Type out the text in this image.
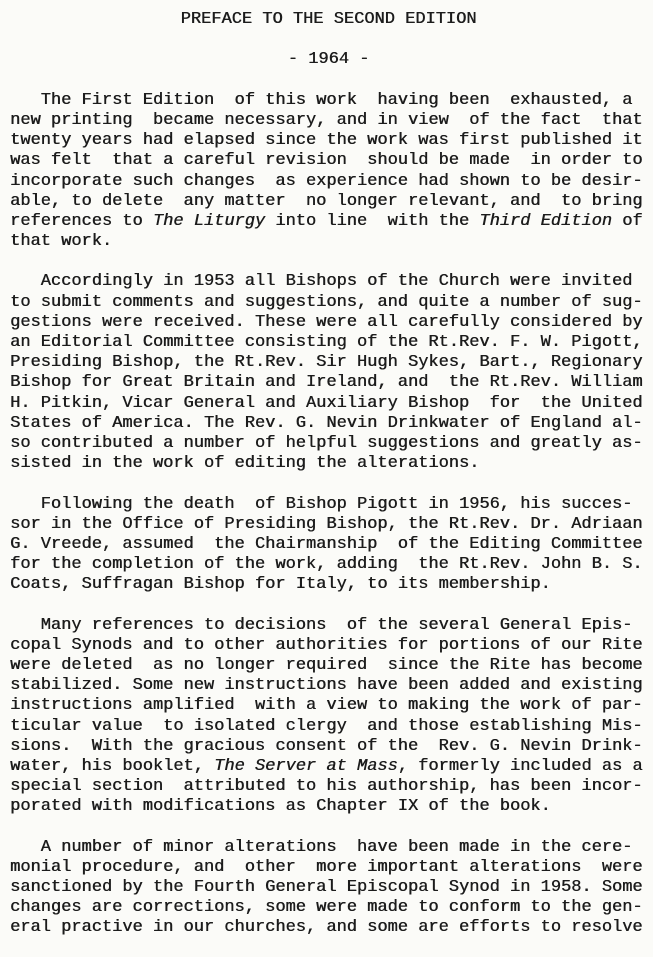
PREFACE TO THE SECOND EDITION
- 1964 -
The First Edition  of this work  having been  exhausted, a
new printing  became necessary, and in view  of the fact  that
twenty years had elapsed since the work was first published it
was felt  that a careful revision  should be made  in order to
incorporate such changes  as experience had shown to be desir-
able, to delete  any matter  no longer relevant, and  to bring
references to The Liturgy into line  with the Third Edition of
that work.
Accordingly in 1953 all Bishops of the Church were invited
to submit comments and suggestions, and quite a number of sug-
gestions were received. These were all carefully considered by
an Editorial Committee consisting of the Rt.Rev. F. W. Pigott,
Presiding Bishop, the Rt.Rev. Sir Hugh Sykes, Bart., Regionary
Bishop for Great Britain and Ireland, and  the Rt.Rev. William
H. Pitkin, Vicar General and Auxiliary Bishop  for  the United
States of America. The Rev. G. Nevin Drinkwater of England al-
so contributed a number of helpful suggestions and greatly as-
sisted in the work of editing the alterations.
Following the death  of Bishop Pigott in 1956, his succes-
sor in the Office of Presiding Bishop, the Rt.Rev. Dr. Adriaan
G. Vreede, assumed  the Chairmanship  of the Editing Committee
for the completion of the work, adding  the Rt.Rev. John B. S.
Coats, Suffragan Bishop for Italy, to its membership.
Many references to decisions  of the several General Epis-
copal Synods and to other authorities for portions of our Rite
were deleted  as no longer required  since the Rite has become
stabilized. Some new instructions have been added and existing
instructions amplified  with a view to making the work of par-
ticular value  to isolated clergy  and those establishing Mis-
sions.  With the gracious consent of the  Rev. G. Nevin Drink-
water, his booklet, The Server at Mass, formerly included as a
special section  attributed to his authorship, has been incor-
porated with modifications as Chapter IX of the book.
A number of minor alterations  have been made in the cere-
monial procedure, and  other  more important alterations  were
sanctioned by the Fourth General Episcopal Synod in 1958. Some
changes are corrections, some were made to conform to the gen-
eral practive in our churches, and some are efforts to resolve
